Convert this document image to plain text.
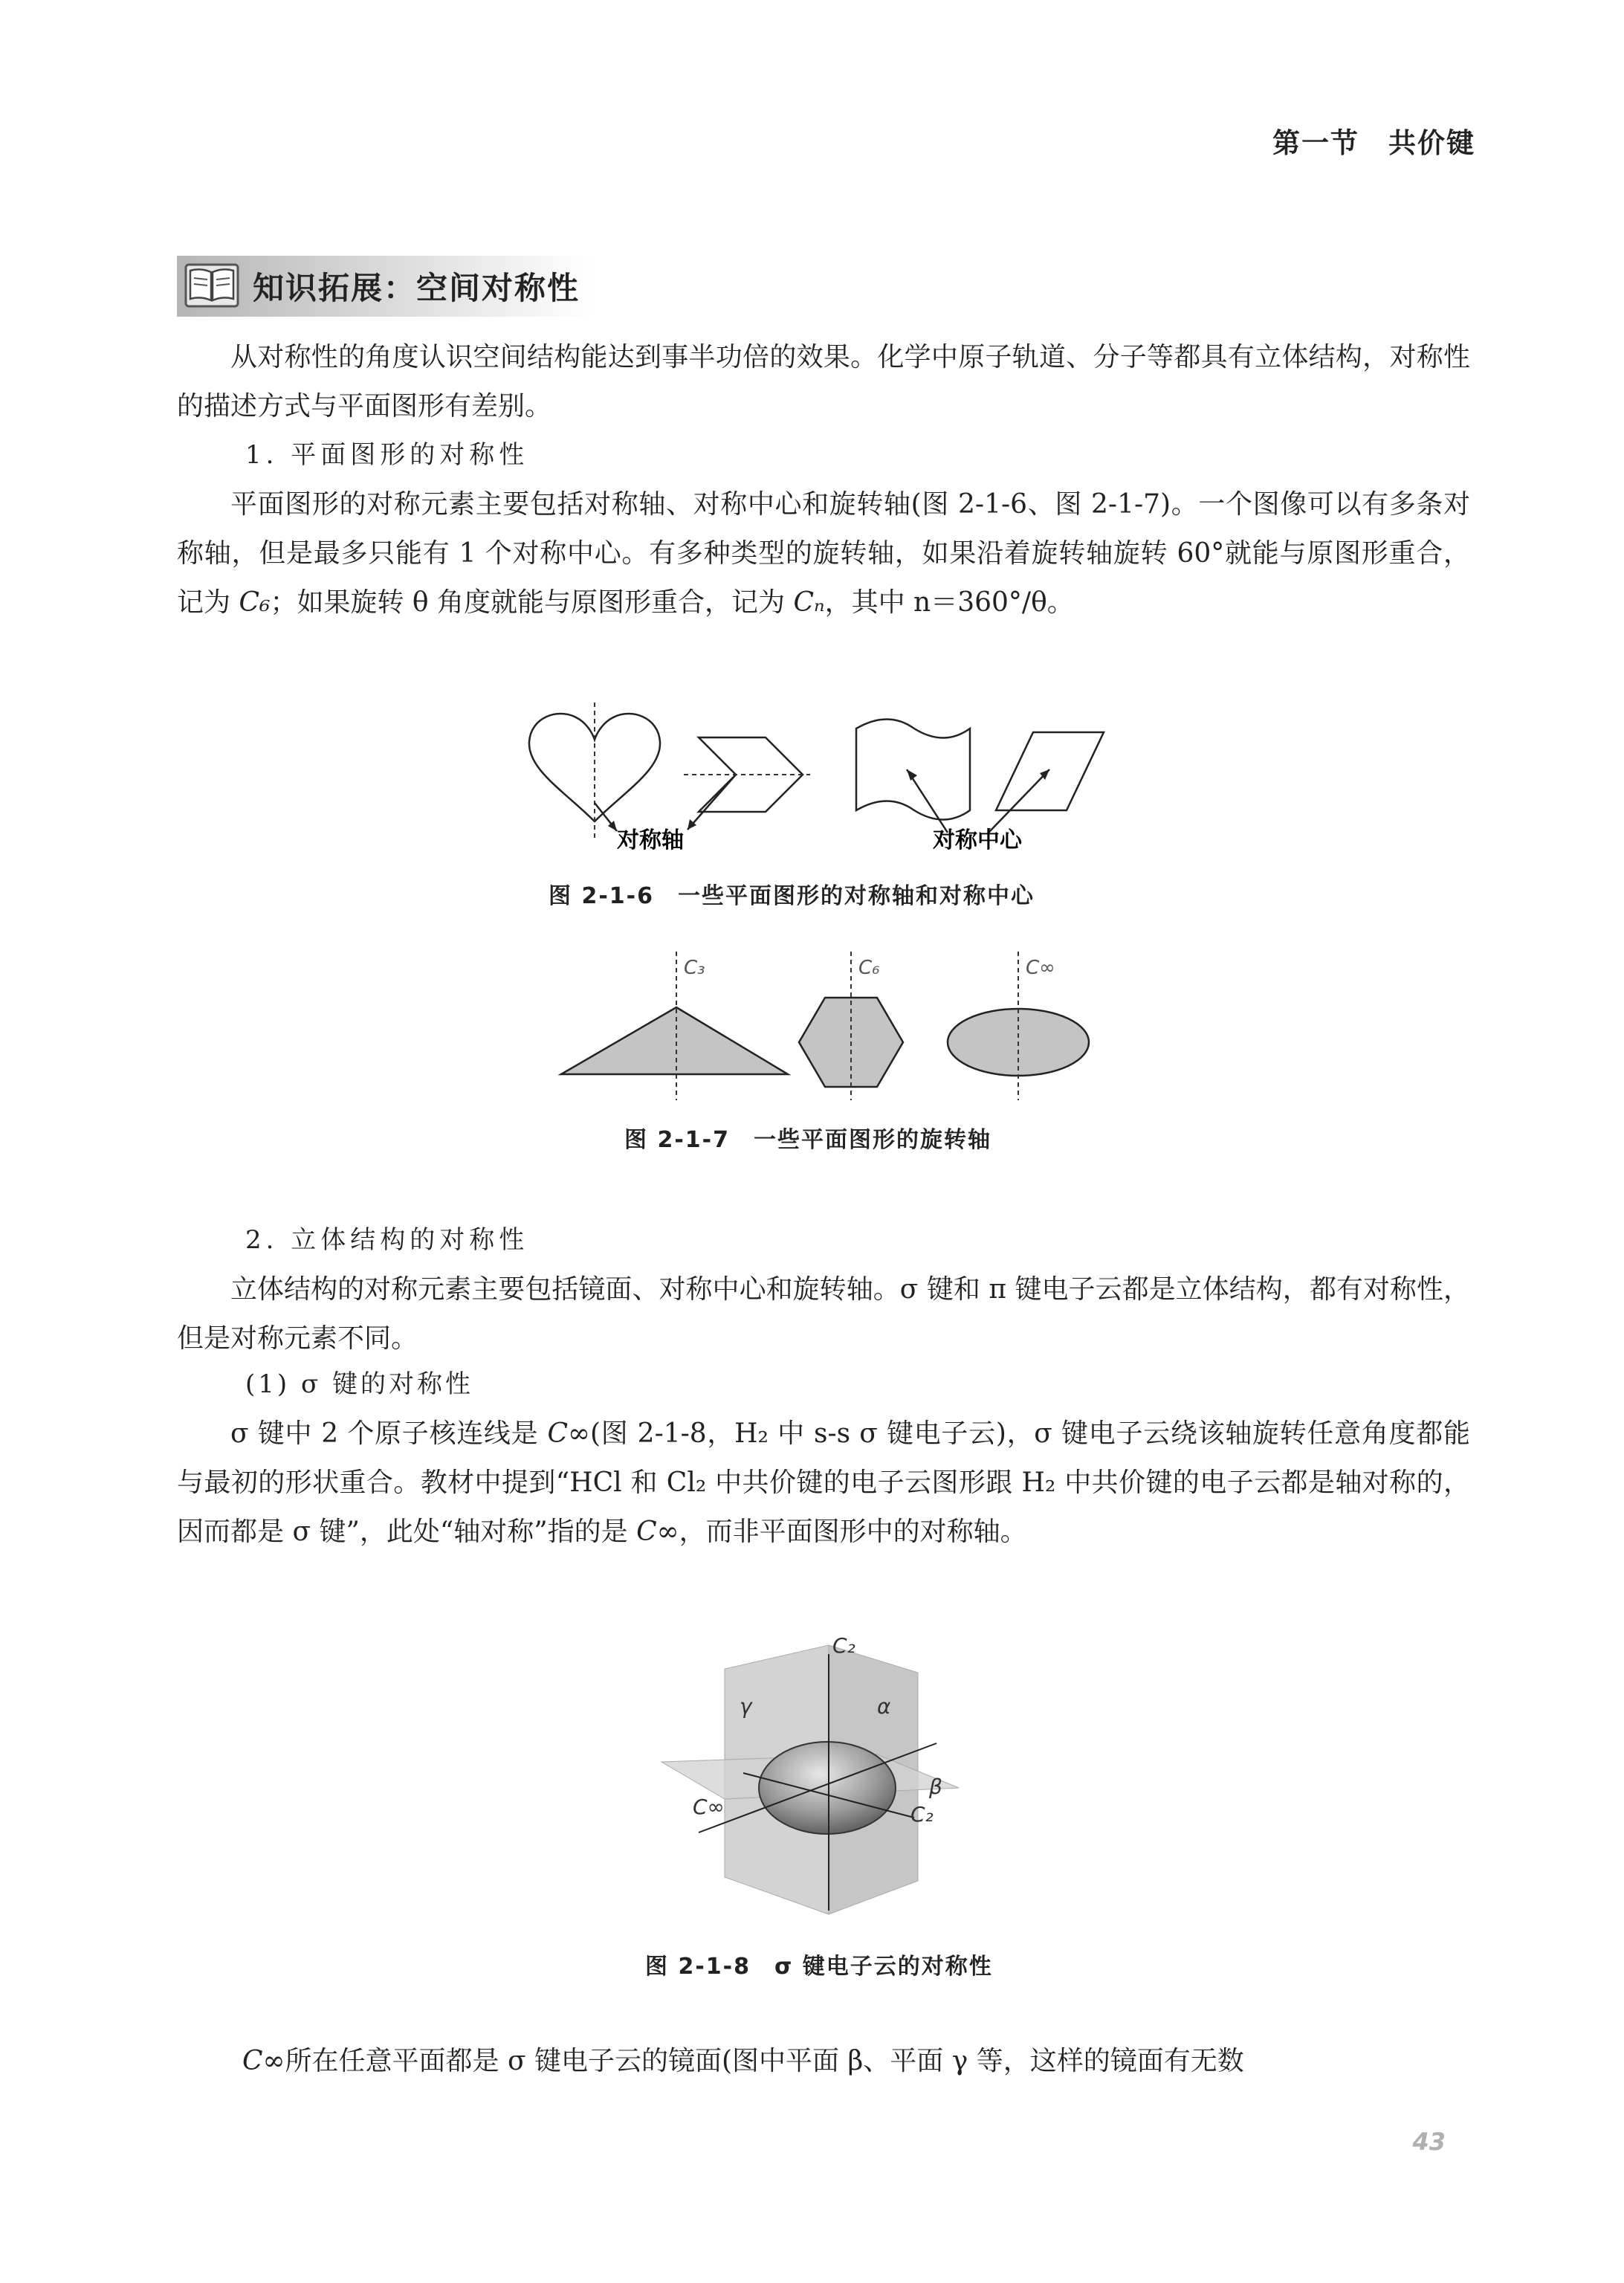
第一节　共价键
知识拓展：空间对称性
从对称性的角度认识空间结构能达到事半功倍的效果。化学中原子轨道、分子等都具有立体结构，对称性的描述方式与平面图形有差别。
1. 平面图形的对称性
平面图形的对称元素主要包括对称轴、对称中心和旋转轴(图 2-1-6、图 2-1-7)。一个图像可以有多条对称轴，但是最多只能有 1 个对称中心。有多种类型的旋转轴，如果沿着旋转轴旋转 60°就能与原图形重合，记为 C₆；如果旋转 θ 角度就能与原图形重合，记为 Cₙ，其中 n＝360°/θ。
对称轴	对称中心
图 2-1-6　一些平面图形的对称轴和对称中心
C₃	C₆	C∞
图 2-1-7　一些平面图形的旋转轴
2. 立体结构的对称性
立体结构的对称元素主要包括镜面、对称中心和旋转轴。σ 键和 π 键电子云都是立体结构，都有对称性，但是对称元素不同。
(1) σ 键的对称性
σ 键中 2 个原子核连线是 C∞(图 2-1-8，H₂ 中 s-s σ 键电子云)，σ 键电子云绕该轴旋转任意角度都能与最初的形状重合。教材中提到“HCl 和 Cl₂ 中共价键的电子云图形跟 H₂ 中共价键的电子云都是轴对称的，因而都是 σ 键”，此处“轴对称”指的是 C∞，而非平面图形中的对称轴。
C₂
α
γ
β
C₂
C∞
图 2-1-8　σ 键电子云的对称性
C∞所在任意平面都是 σ 键电子云的镜面(图中平面 β、平面 γ 等，这样的镜面有无数
43
